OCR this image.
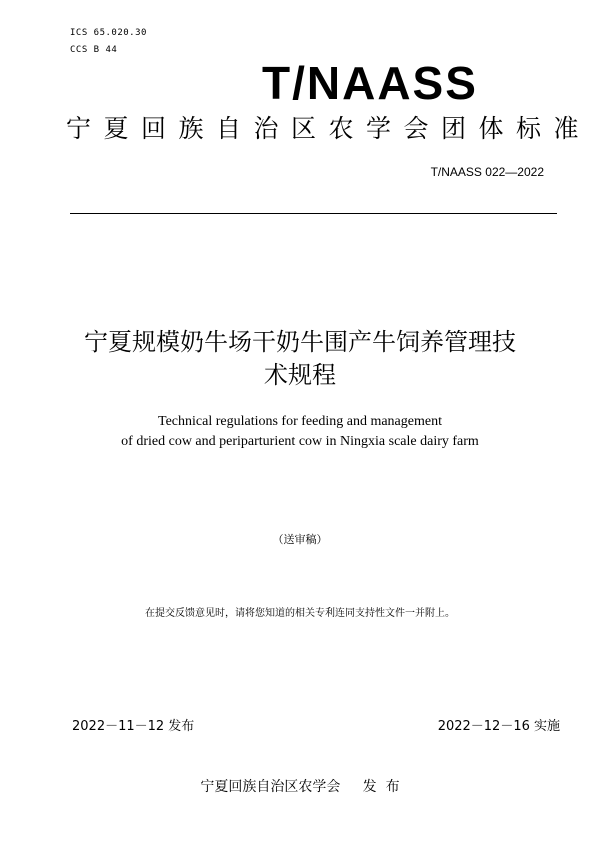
ICS 65.020.30
CCS B 44
T/NAASS
宁夏回族自治区农学会团体标准
T/NAASS 022—2022
宁夏规模奶牛场干奶牛围产牛饲养管理技
术规程
Technical regulations for feeding and management
of dried cow and periparturient cow in Ningxia scale dairy farm
（送审稿）
在提交反馈意见时，请将您知道的相关专利连同支持性文件一并附上。
2022－11－12 发布	2022－12－16 实施
宁夏回族自治区农学会     发  布
